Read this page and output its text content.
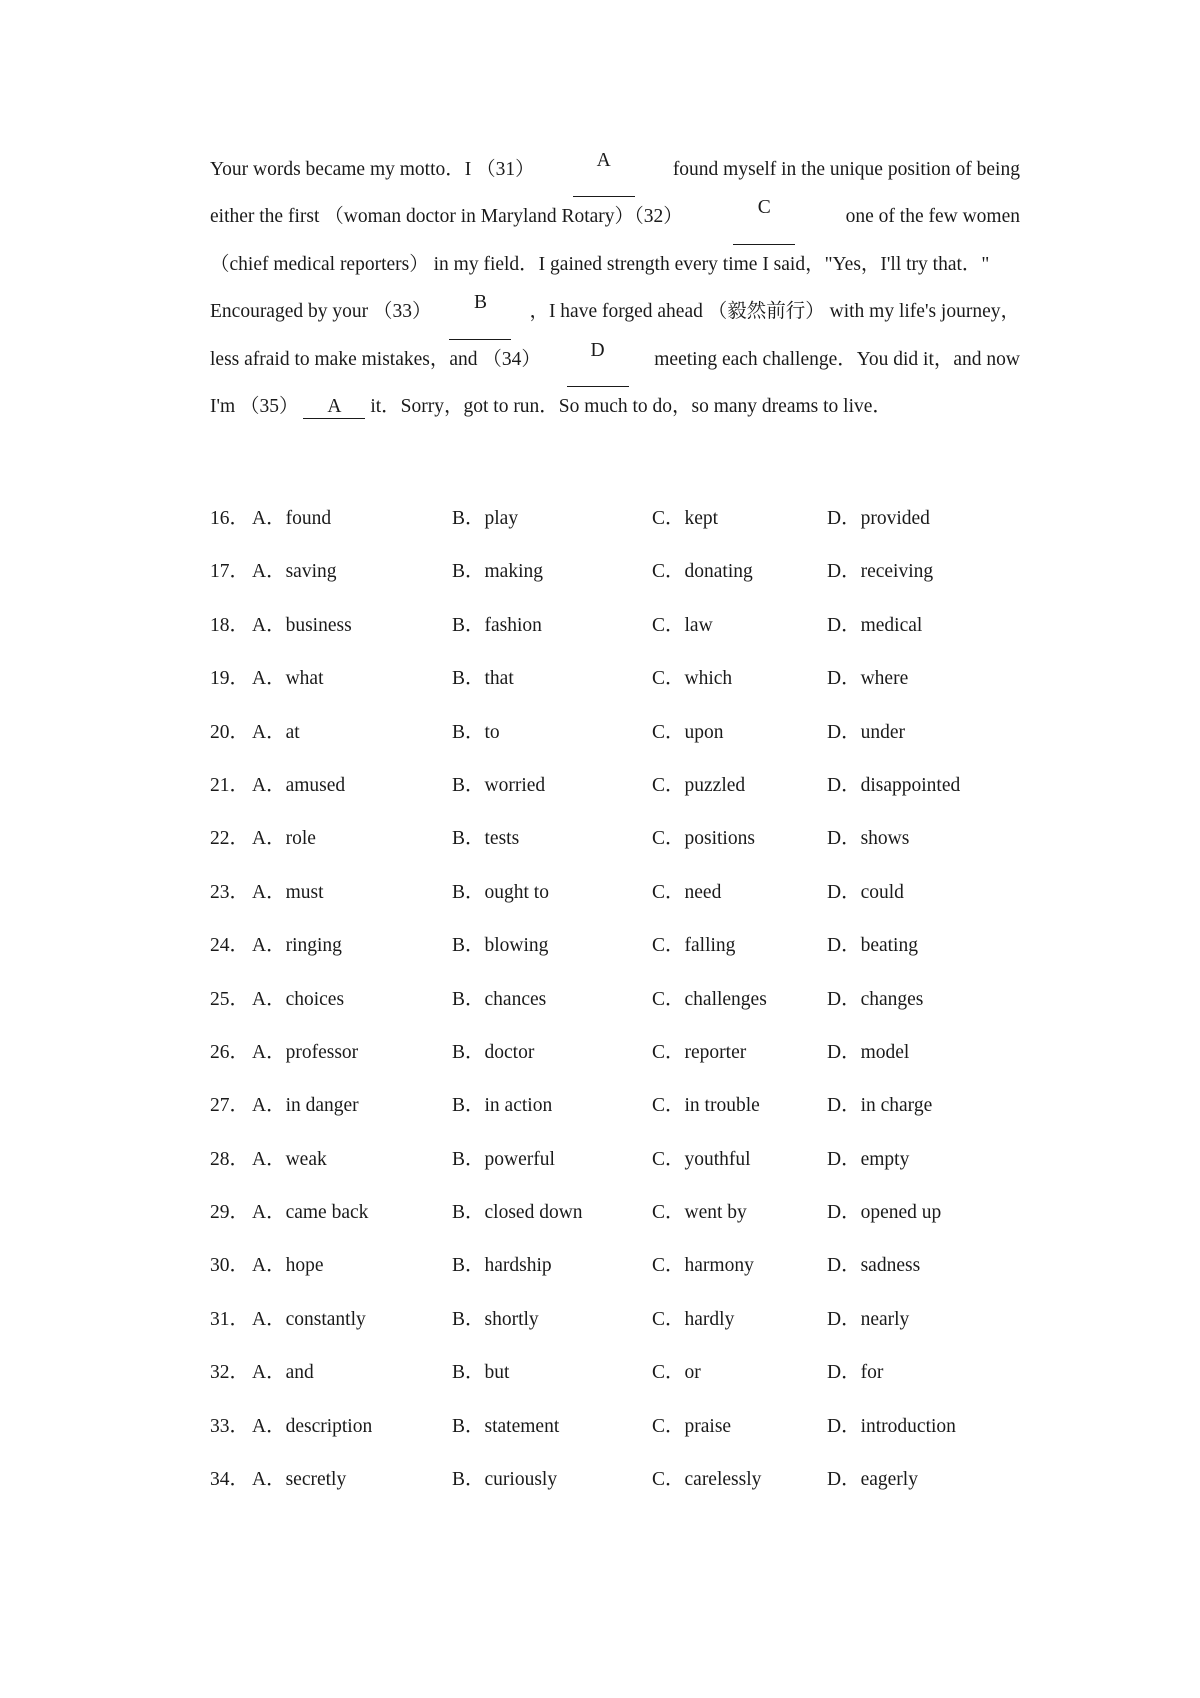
Your words became my motto．I （31）	A	found myself in the unique position of being
either the first （woman doctor in Maryland Rotary）（32）	C	one of the few women
（chief medical reporters） in my field．I gained strength every time I said，"Yes，I'll try that．"
Encouraged by your （33）	B	，I have forged ahead （毅然前行） with my life's journey，
less afraid to make mistakes，and （34）	D	meeting each challenge．You did it，and now
I'm （35） A it．Sorry，got to run．So much to do，so many dreams to live．
16． A．found	B．play	C．kept	D．provided
17． A．saving	B．making	C．donating	D．receiving
18． A．business	B．fashion	C．law	D．medical
19． A．what	B．that	C．which	D．where
20． A．at	B．to	C．upon	D．under
21． A．amused	B．worried	C．puzzled	D．disappointed
22． A．role	B．tests	C．positions	D．shows
23． A．must	B．ought to	C．need	D．could
24． A．ringing	B．blowing	C．falling	D．beating
25． A．choices	B．chances	C．challenges	D．changes
26． A．professor	B．doctor	C．reporter	D．model
27． A．in danger	B．in action	C．in trouble	D．in charge
28． A．weak	B．powerful	C．youthful	D．empty
29． A．came back	B．closed down	C．went by	D．opened up
30． A．hope	B．hardship	C．harmony	D．sadness
31． A．constantly	B．shortly	C．hardly	D．nearly
32． A．and	B．but	C．or	D．for
33． A．description	B．statement	C．praise	D．introduction
34． A．secretly	B．curiously	C．carelessly	D．eagerly
